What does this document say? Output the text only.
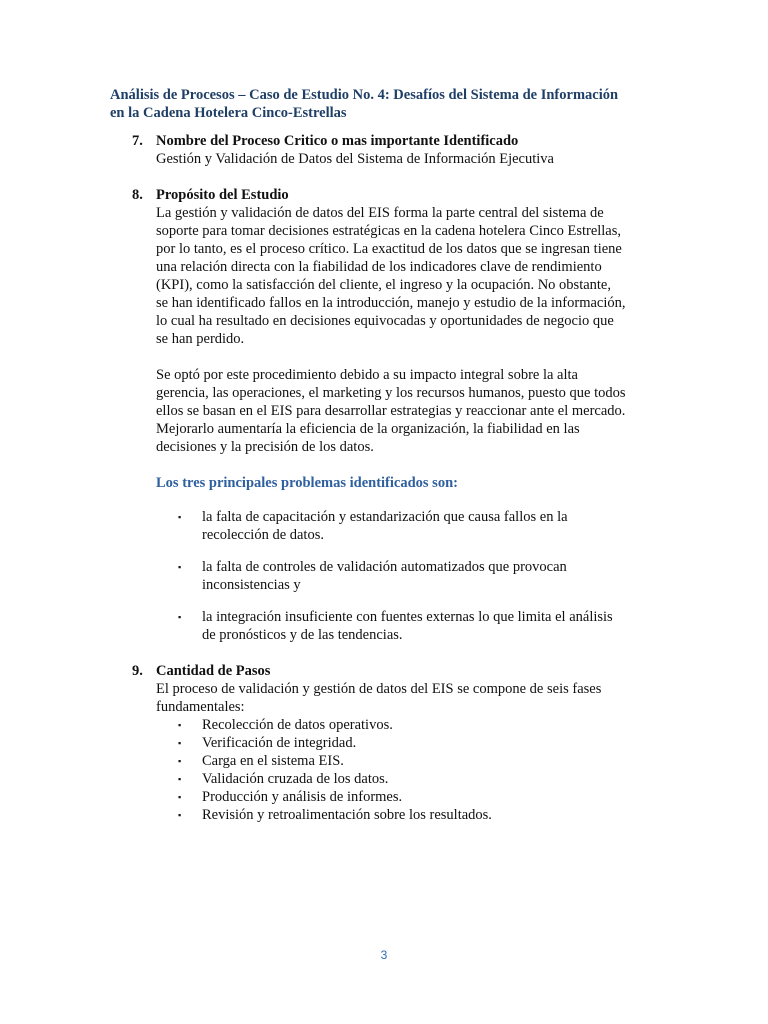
Análisis de Procesos – Caso de Estudio No. 4: Desafíos del Sistema de Información
en la Cadena Hotelera Cinco-Estrellas
7. Nombre del Proceso Critico o mas importante Identificado
Gestión y Validación de Datos del Sistema de Información Ejecutiva
8. Propósito del Estudio
La gestión y validación de datos del EIS forma la parte central del sistema de
soporte para tomar decisiones estratégicas en la cadena hotelera Cinco Estrellas,
por lo tanto, es el proceso crítico. La exactitud de los datos que se ingresan tiene
una relación directa con la fiabilidad de los indicadores clave de rendimiento
(KPI), como la satisfacción del cliente, el ingreso y la ocupación. No obstante,
se han identificado fallos en la introducción, manejo y estudio de la información,
lo cual ha resultado en decisiones equivocadas y oportunidades de negocio que
se han perdido.
Se optó por este procedimiento debido a su impacto integral sobre la alta
gerencia, las operaciones, el marketing y los recursos humanos, puesto que todos
ellos se basan en el EIS para desarrollar estrategias y reaccionar ante el mercado.
Mejorarlo aumentaría la eficiencia de la organización, la fiabilidad en las
decisiones y la precisión de los datos.
Los tres principales problemas identificados son:
▪ la falta de capacitación y estandarización que causa fallos en la
recolección de datos.
▪ la falta de controles de validación automatizados que provocan
inconsistencias y
▪ la integración insuficiente con fuentes externas lo que limita el análisis
de pronósticos y de las tendencias.
9. Cantidad de Pasos
El proceso de validación y gestión de datos del EIS se compone de seis fases
fundamentales:
▪ Recolección de datos operativos.
▪ Verificación de integridad.
▪ Carga en el sistema EIS.
▪ Validación cruzada de los datos.
▪ Producción y análisis de informes.
▪ Revisión y retroalimentación sobre los resultados.
3
